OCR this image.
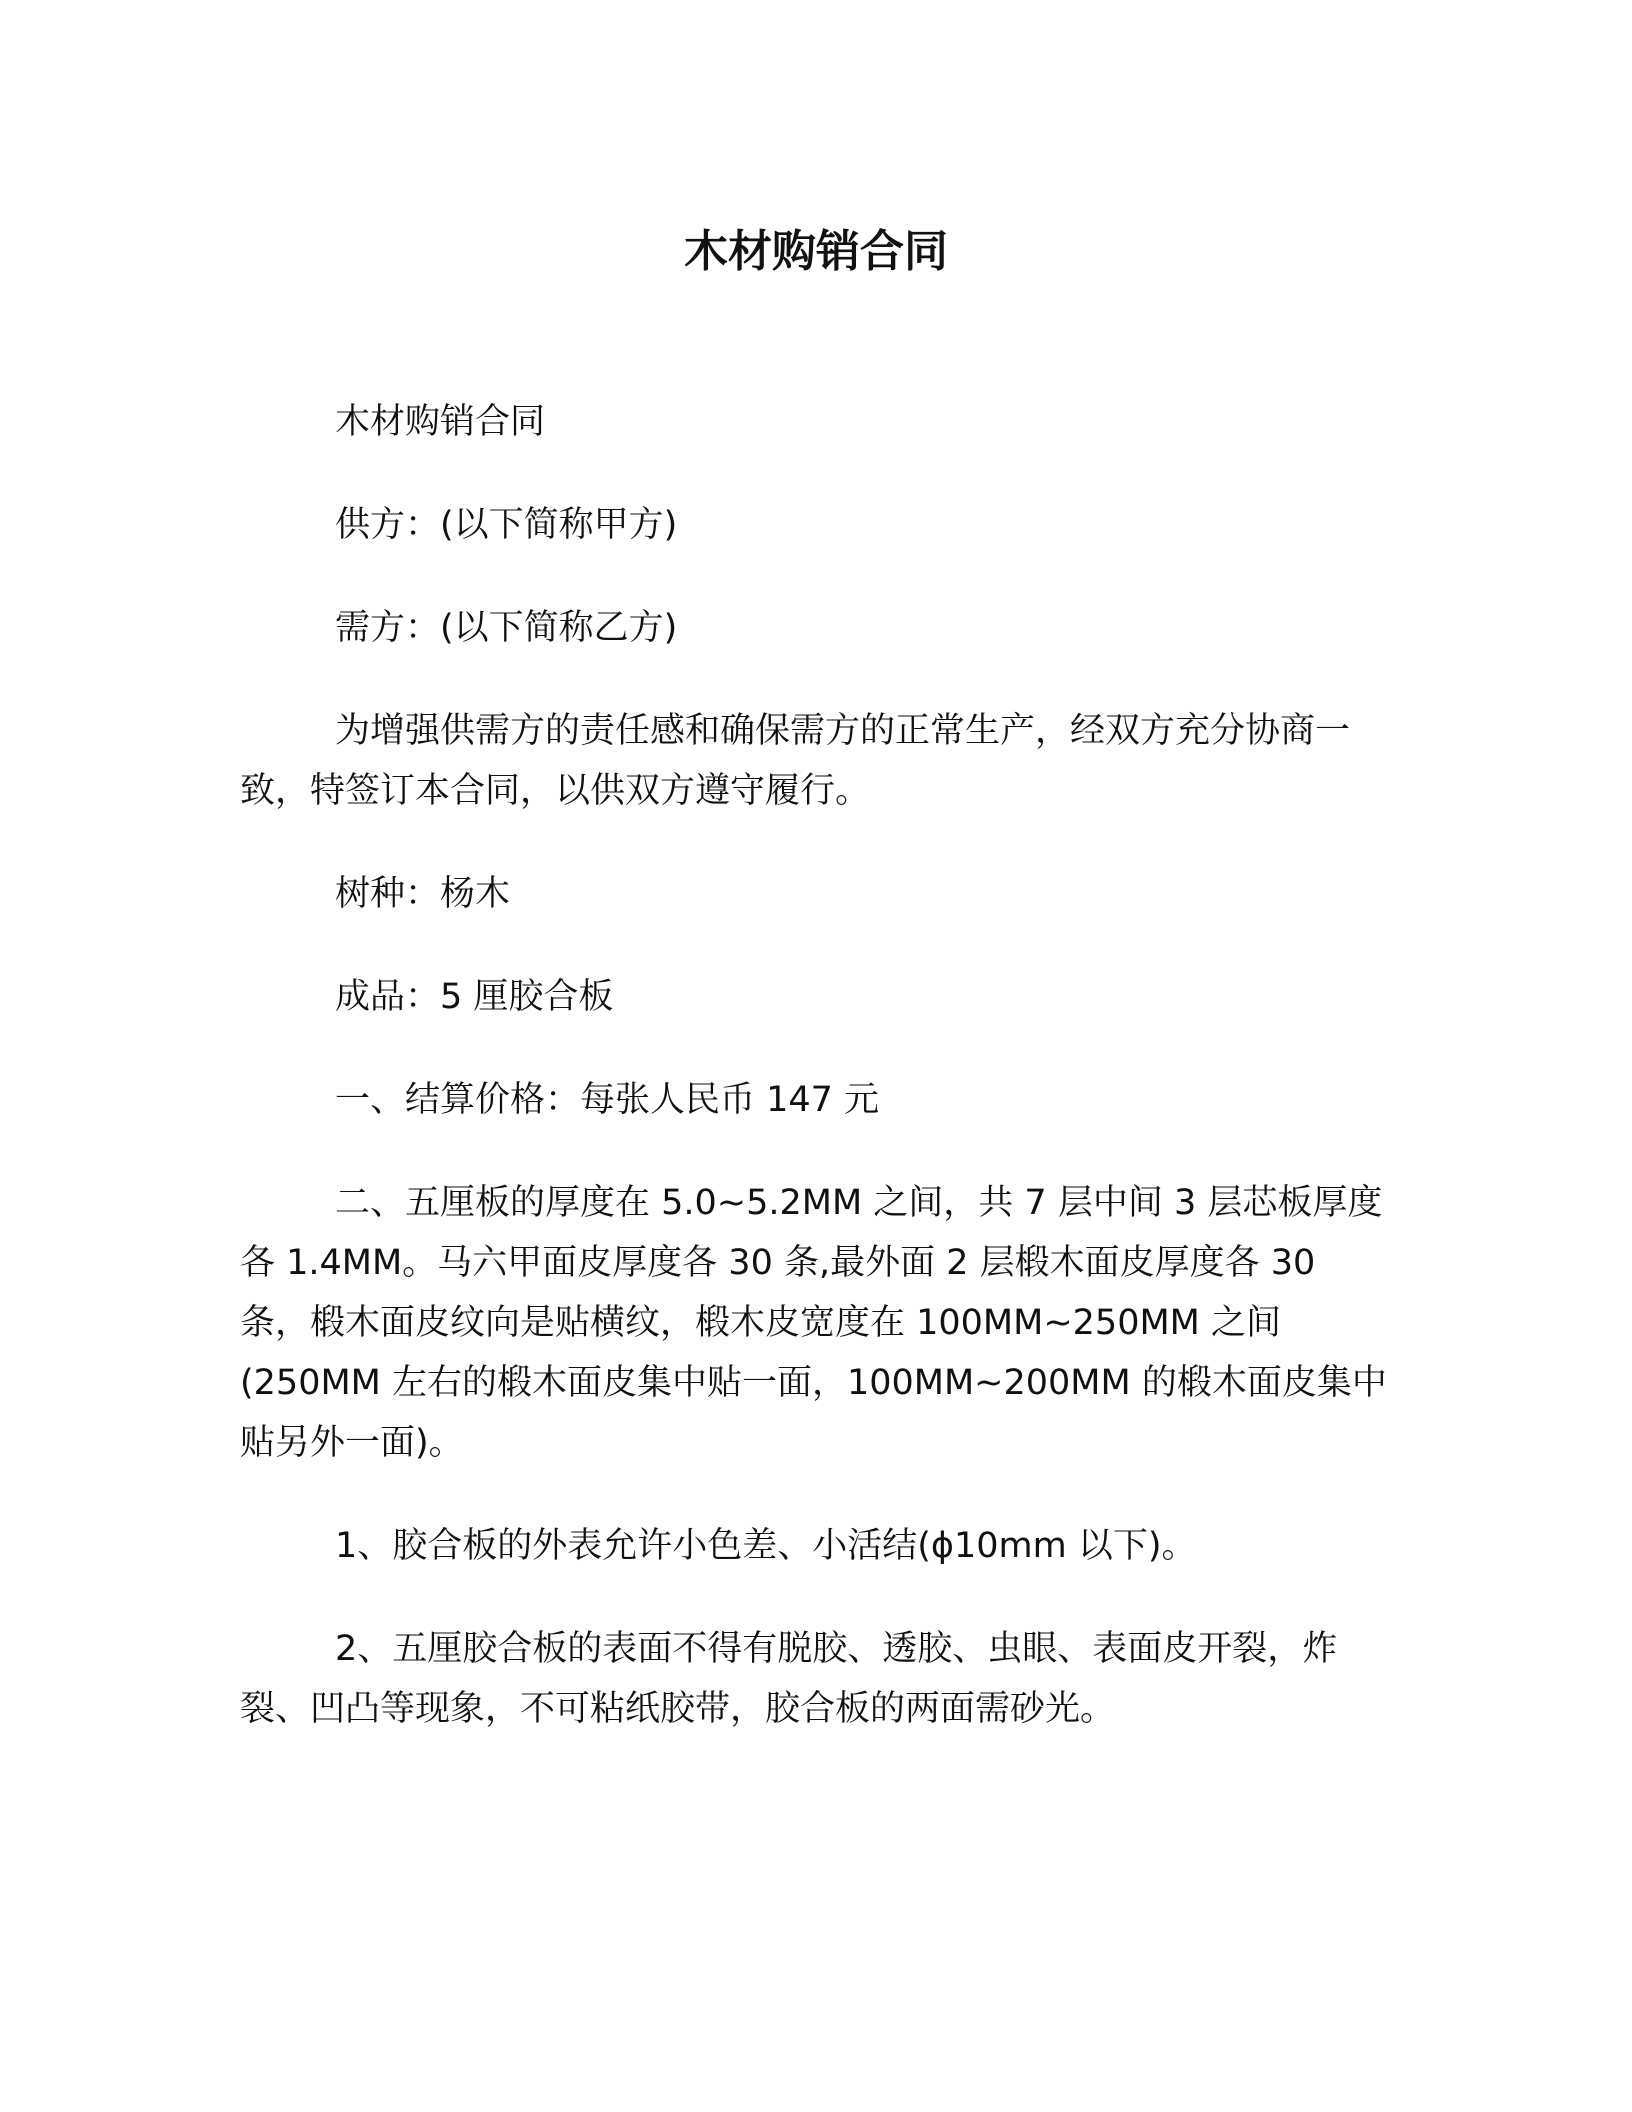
木材购销合同

木材购销合同

供方：(以下简称甲方)

需方：(以下简称乙方)

为增强供需方的责任感和确保需方的正常生产，经双方充分协商一致，特签订本合同，以供双方遵守履行。

树种：杨木

成品：5 厘胶合板

一、结算价格：每张人民币 147 元

二、五厘板的厚度在 5.0~5.2MM 之间，共 7 层中间 3 层芯板厚度各 1.4MM。马六甲面皮厚度各 30 条,最外面 2 层椴木面皮厚度各 30 条，椴木面皮纹向是贴横纹，椴木皮宽度在 100MM~250MM 之间(250MM 左右的椴木面皮集中贴一面，100MM~200MM 的椴木面皮集中贴另外一面)。

1、胶合板的外表允许小色差、小活结(ϕ10mm 以下)。

2、五厘胶合板的表面不得有脱胶、透胶、虫眼、表面皮开裂，炸裂、凹凸等现象，不可粘纸胶带，胶合板的两面需砂光。
